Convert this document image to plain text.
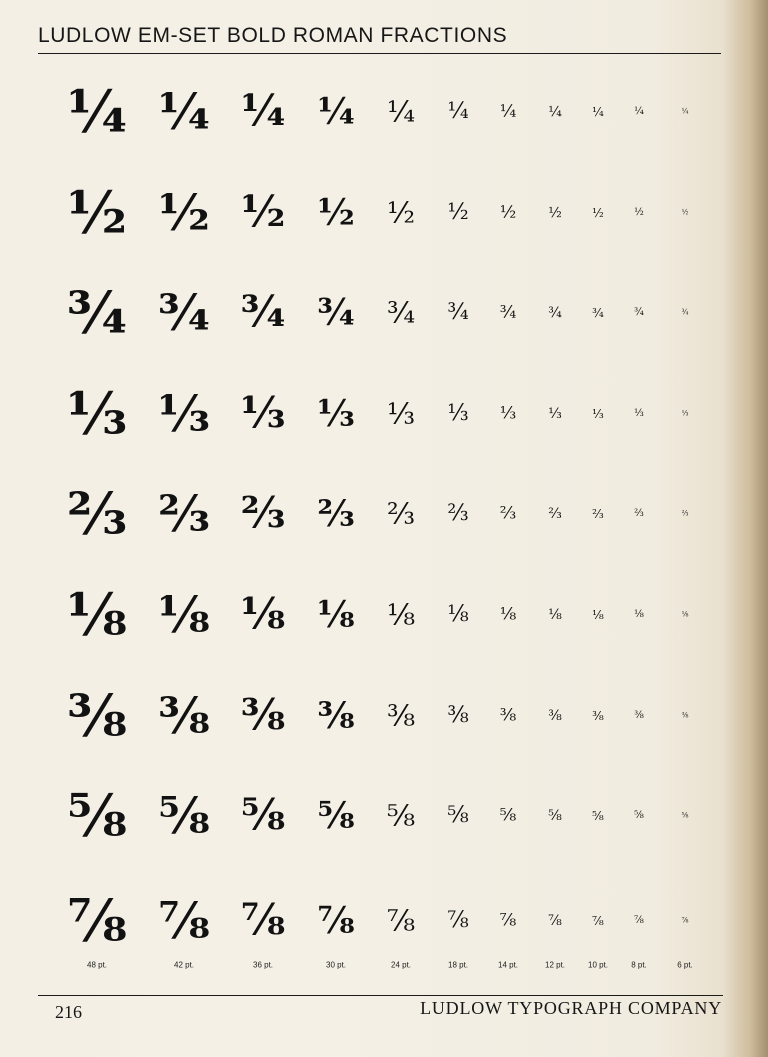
LUDLOW EM-SET BOLD ROMAN FRACTIONS
¼ ¼ ¼ ¼ ¼ ¼ ¼ ¼	¼	¼	¼
½ ½ ½ ½ ½ ½ ½ ½	½	½	½
¾ ¾ ¾ ¾ ¾ ¾ ¾ ¾	¾	¾	¾
⅓ ⅓ ⅓ ⅓ ⅓ ⅓ ⅓ ⅓	⅓	⅓	⅓
⅔ ⅔ ⅔ ⅔ ⅔ ⅔ ⅔ ⅔	⅔	⅔	⅔
⅛ ⅛ ⅛ ⅛ ⅛ ⅛ ⅛ ⅛	⅛	⅛	⅛
⅜ ⅜ ⅜ ⅜ ⅜ ⅜ ⅜ ⅜	⅜	⅜	⅜
⅝ ⅝ ⅝ ⅝ ⅝ ⅝ ⅝ ⅝	⅝	⅝	⅝
⅞ ⅞ ⅞ ⅞ ⅞ ⅞ ⅞ ⅞	⅞	⅞	⅞
48 pt.	42 pt.	36 pt.	30 pt.	24 pt.	18 pt.	14 pt.	12 pt.	10 pt.	8 pt.	6 pt.
216	LUDLOW TYPOGRAPH COMPANY
